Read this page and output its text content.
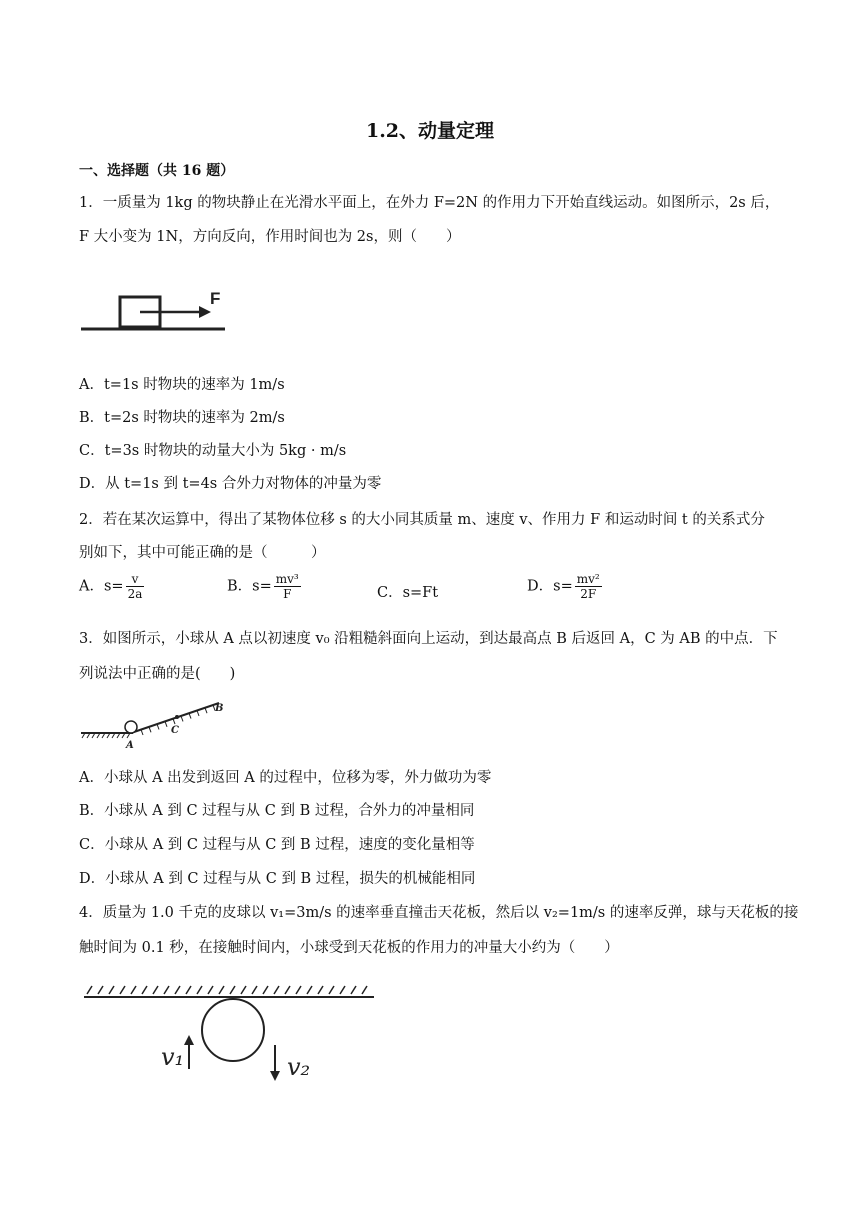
1.2、动量定理
一、选择题（共 16 题）
1．一质量为 1kg 的物块静止在光滑水平面上，在外力 F=2N 的作用力下开始直线运动。如图所示，2s 后，
F 大小变为 1N，方向反向，作用时间也为 2s，则（　　）
F
A．t=1s 时物块的速率为 1m/s
B．t=2s 时物块的速率为 2m/s
C．t=3s 时物块的动量大小为 5kg · m/s
D．从 t=1s 到 t=4s 合外力对物体的冲量为零
2．若在某次运算中，得出了某物体位移 s 的大小同其质量 m、速度 v、作用力 F 和运动时间 t 的关系式分
别如下，其中可能正确的是（　　　）
A．$s= \frac{v}{2a}$	B．$s= \frac{\text{mv³}}{F}$	C．s=Ft	D．$s= \frac{\text{mv²}}{2F}$
3．如图所示，小球从 A 点以初速度 v₀ 沿粗糙斜面向上运动，到达最高点 B 后返回 A，C 为 AB 的中点．下
列说法中正确的是(　　)
A
C
B
A．小球从 A 出发到返回 A 的过程中，位移为零，外力做功为零
B．小球从 A 到 C 过程与从 C 到 B 过程，合外力的冲量相同
C．小球从 A 到 C 过程与从 C 到 B 过程，速度的变化量相等
D．小球从 A 到 C 过程与从 C 到 B 过程，损失的机械能相同
4．质量为 1.0 千克的皮球以 v₁=3m/s 的速率垂直撞击天花板，然后以 v₂=1m/s 的速率反弹，球与天花板的接
触时间为 0.1 秒，在接触时间内，小球受到天花板的作用力的冲量大小约为（　　）
v₁	v₂
